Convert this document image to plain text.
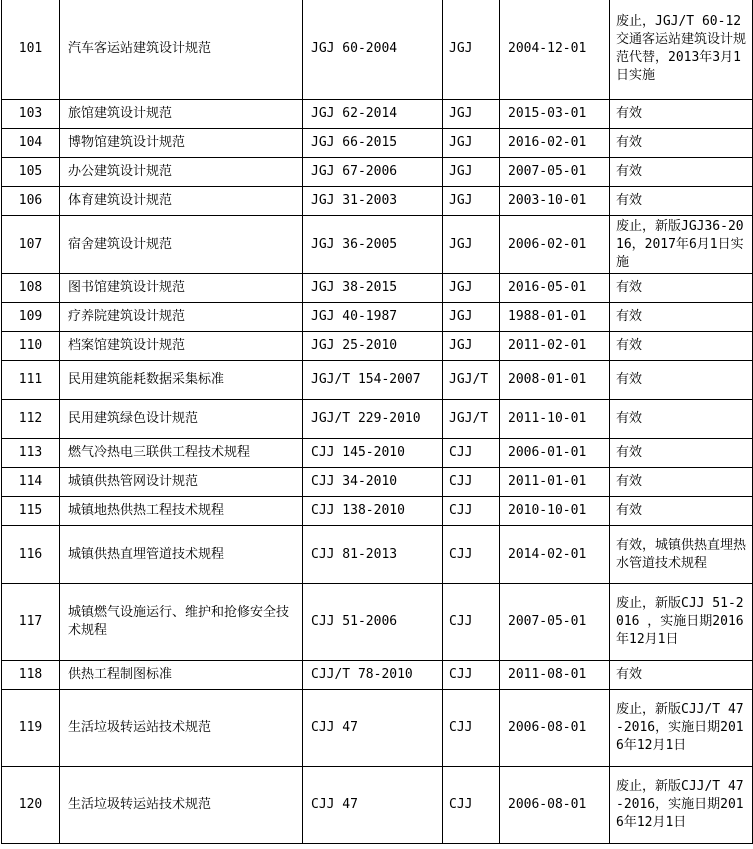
101	汽车客运站建筑设计规范	JGJ 60-2004	JGJ	2004-12-01	废止，JGJ/T 60-12交通客运站建筑设计规范代替，2013年3月1日实施
103	旅馆建筑设计规范	JGJ 62-2014	JGJ	2015-03-01	有效
104	博物馆建筑设计规范	JGJ 66-2015	JGJ	2016-02-01	有效
105	办公建筑设计规范	JGJ 67-2006	JGJ	2007-05-01	有效
106	体育建筑设计规范	JGJ 31-2003	JGJ	2003-10-01	有效
107	宿舍建筑设计规范	JGJ 36-2005	JGJ	2006-02-01	废止，新版JGJ36-2016，2017年6月1日实施
108	图书馆建筑设计规范	JGJ 38-2015	JGJ	2016-05-01	有效
109	疗养院建筑设计规范	JGJ 40-1987	JGJ	1988-01-01	有效
110	档案馆建筑设计规范	JGJ 25-2010	JGJ	2011-02-01	有效
111	民用建筑能耗数据采集标准	JGJ/T 154-2007	JGJ/T	2008-01-01	有效
112	民用建筑绿色设计规范	JGJ/T 229-2010	JGJ/T	2011-10-01	有效
113	燃气冷热电三联供工程技术规程	CJJ 145-2010	CJJ	2006-01-01	有效
114	城镇供热管网设计规范	CJJ 34-2010	CJJ	2011-01-01	有效
115	城镇地热供热工程技术规程	CJJ 138-2010	CJJ	2010-10-01	有效
116	城镇供热直埋管道技术规程	CJJ 81-2013	CJJ	2014-02-01	有效，城镇供热直埋热水管道技术规程
117	城镇燃气设施运行、维护和抢修安全技术规程	CJJ 51-2006	CJJ	2007-05-01	废止，新版CJJ 51-2016 ，实施日期2016年12月1日
118	供热工程制图标准	CJJ/T 78-2010	CJJ	2011-08-01	有效
119	生活垃圾转运站技术规范	CJJ 47	CJJ	2006-08-01	废止，新版CJJ/T 47-2016，实施日期2016年12月1日
120	生活垃圾转运站技术规范	CJJ 47	CJJ	2006-08-01	废止，新版CJJ/T 47-2016，实施日期2016年12月1日
